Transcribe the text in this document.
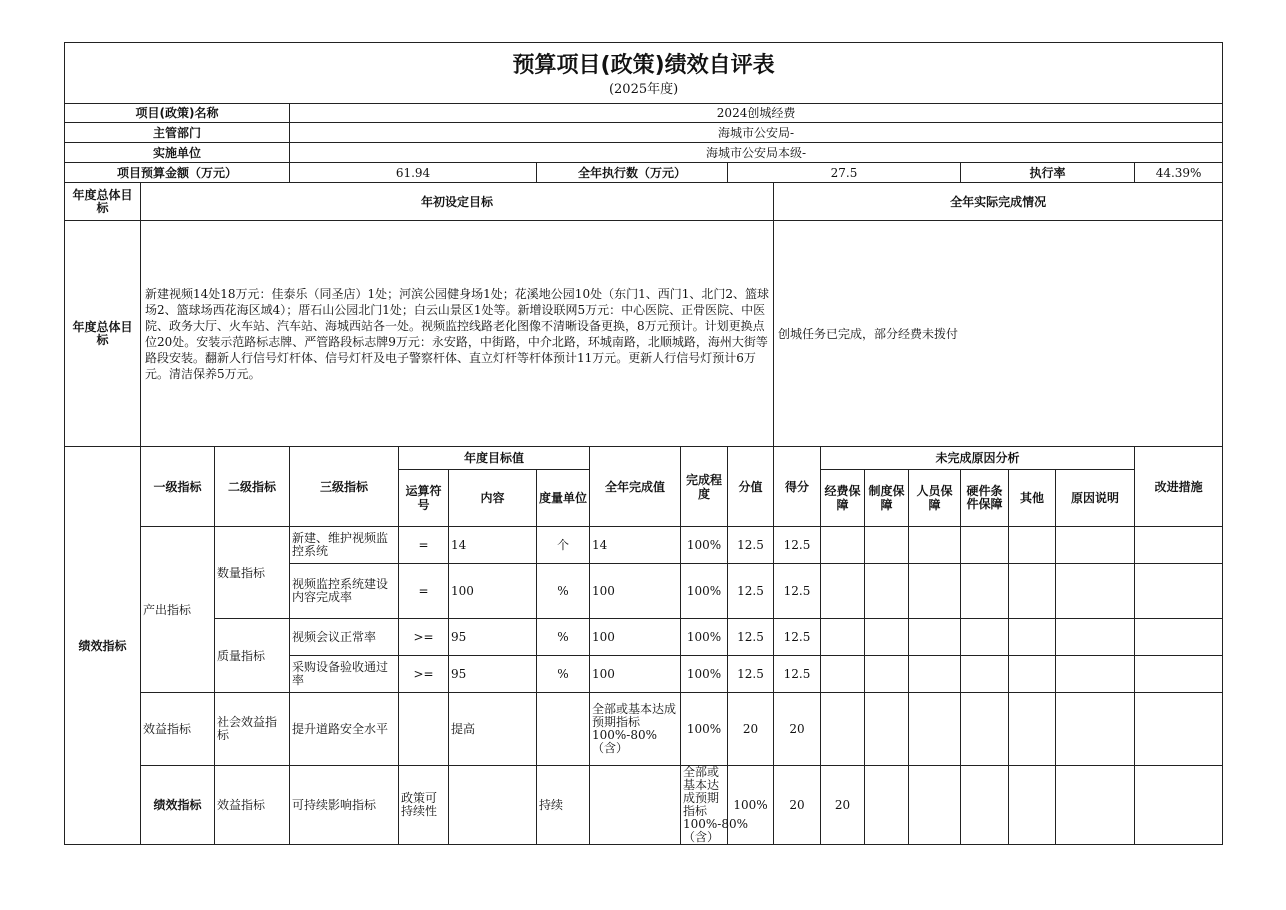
预算项目(政策)绩效自评表
(2025年度)																		

项目(政策)名称			2024创城经费															
主管部门			海城市公安局-															
实施单位			海城市公安局本级-															
项目预算金额（万元）			61.94			全年执行数（万元）			27.5					执行率			44.39%	
年度总体目标	年初设定目标									全年实际完成情况								
年度总体目标	新建视频14处18万元：佳泰乐（同圣店）1处；河滨公园健身场1处；花溪地公园10处（东门1、西门1、北门2、篮球场2、篮球场西花海区域4）；厝石山公园北门1处；白云山景区1处等。新增设联网5万元：中心医院、正骨医院、中医院、政务大厅、火车站、汽车站、海城西站各一处。视频监控线路老化图像不清晰设备更换，8万元预计。计划更换点位20处。安装示范路标志牌、严管路段标志牌9万元：永安路，中街路，中介北路，环城南路，北顺城路，海州大街等路段安装。翻新人行信号灯杆体、信号灯杆及电子警察杆体、直立灯杆等杆体预计11万元。更新人行信号灯预计6万元。清洁保养5万元。									创城任务已完成，部分经费未拨付								
绩效指标	一级指标	二级指标	三级指标	年度目标值			全年完成值	完成程度	分值	得分	未完成原因分析						改进措施	
				运算符号	内容	度量单位					经费保障	制度保障	人员保障	硬件条件保障	其他	原因说明		
	产出指标	数量指标	新建、维护视频监控系统	=	14	个	14	100%	12.5	12.5								
			视频监控系统建设内容完成率	=	100	%	100	100%	12.5	12.5								
		质量指标	视频会议正常率	>=	95	%	100	100%	12.5	12.5								
			采购设备验收通过率	>=	95	%	100	100%	12.5	12.5								
	效益指标	社会效益指标	提升道路安全水平		提高		全部或基本达成预期指标100%-80%（含）	100%	20	20								
	绩效指标	效益指标	可持续影响指标	政策可持续性		持续		全部或基本达成预期指标100%-80%（含）	100%	20	20							
